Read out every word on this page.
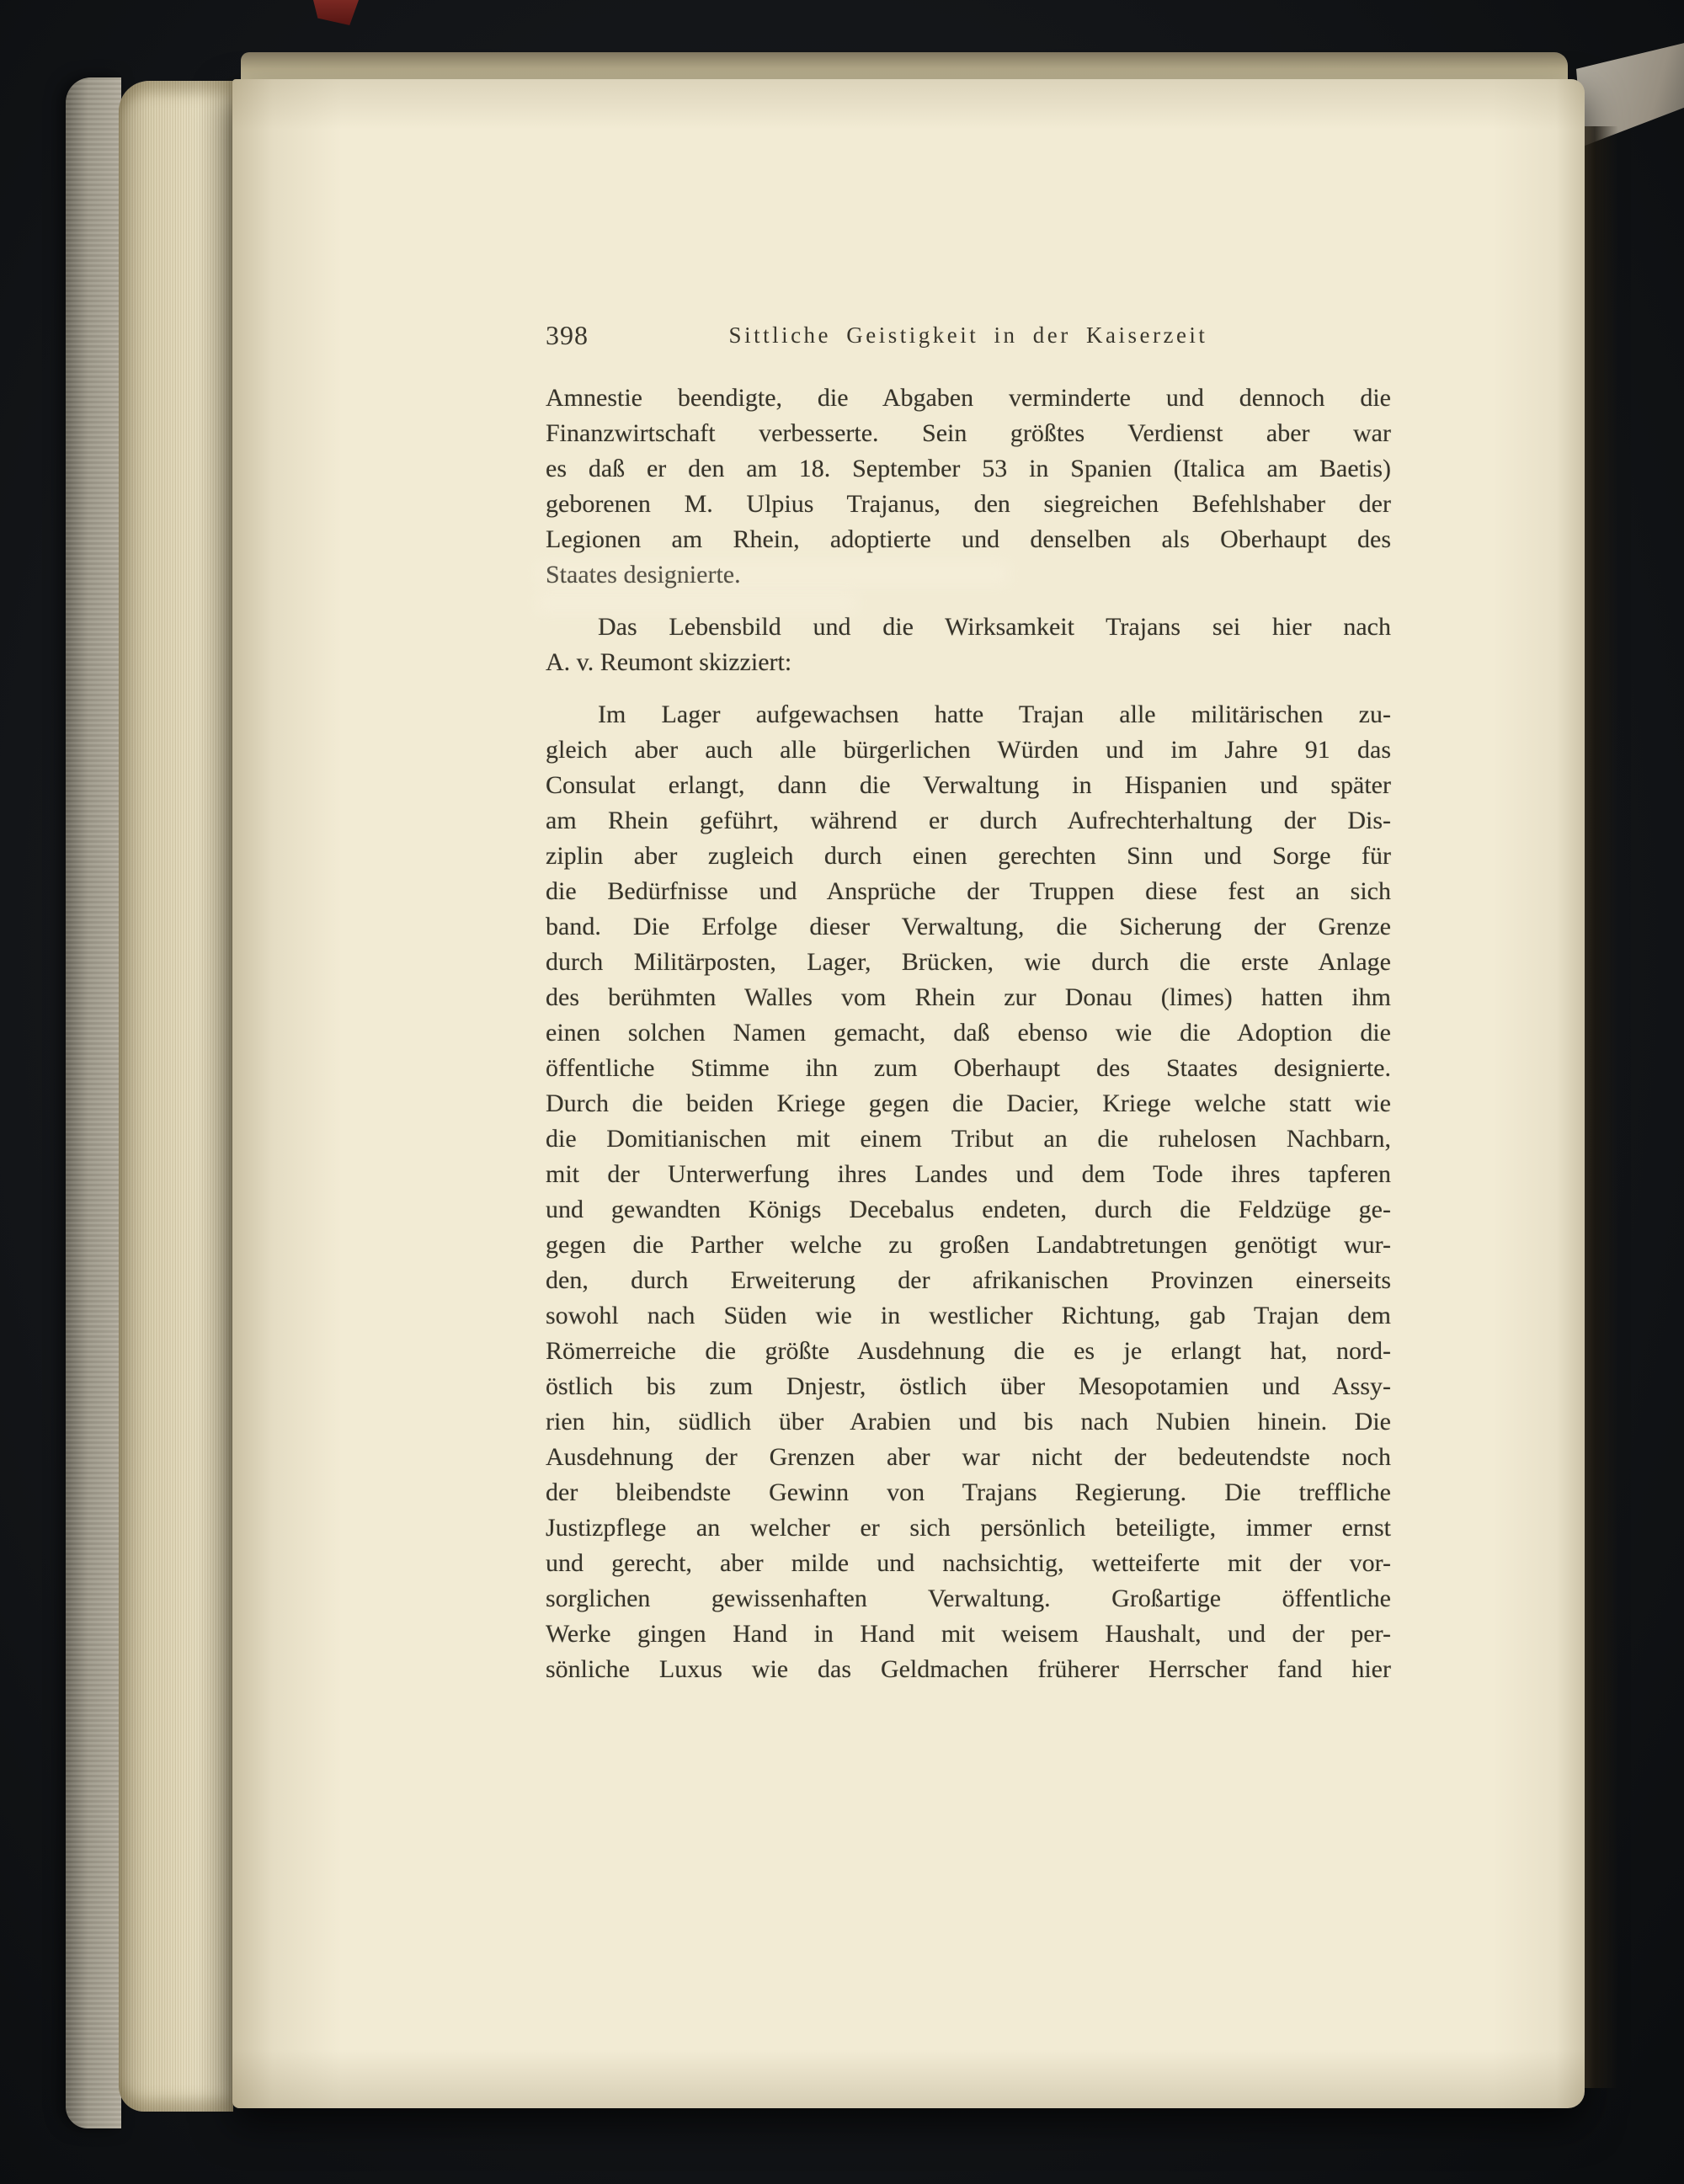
398	Sittliche Geistigkeit in der Kaiserzeit
Amnestie beendigte, die Abgaben verminderte und dennoch die
Finanzwirtschaft verbesserte. Sein größtes Verdienst aber war
es daß er den am 18. September 53 in Spanien (Italica am Baetis)
geborenen M. Ulpius Trajanus, den siegreichen Befehlshaber der
Legionen am Rhein, adoptierte und denselben als Oberhaupt des
Staates designierte.
Das Lebensbild und die Wirksamkeit Trajans sei hier nach
A. v. Reumont skizziert:
Im Lager aufgewachsen hatte Trajan alle militärischen zu-
gleich aber auch alle bürgerlichen Würden und im Jahre 91 das
Consulat erlangt, dann die Verwaltung in Hispanien und später
am Rhein geführt, während er durch Aufrechterhaltung der Dis-
ziplin aber zugleich durch einen gerechten Sinn und Sorge für
die Bedürfnisse und Ansprüche der Truppen diese fest an sich
band. Die Erfolge dieser Verwaltung, die Sicherung der Grenze
durch Militärposten, Lager, Brücken, wie durch die erste Anlage
des berühmten Walles vom Rhein zur Donau (limes) hatten ihm
einen solchen Namen gemacht, daß ebenso wie die Adoption die
öffentliche Stimme ihn zum Oberhaupt des Staates designierte.
Durch die beiden Kriege gegen die Dacier, Kriege welche statt wie
die Domitianischen mit einem Tribut an die ruhelosen Nachbarn,
mit der Unterwerfung ihres Landes und dem Tode ihres tapferen
und gewandten Königs Decebalus endeten, durch die Feldzüge ge-
gegen die Parther welche zu großen Landabtretungen genötigt wur-
den, durch Erweiterung der afrikanischen Provinzen einerseits
sowohl nach Süden wie in westlicher Richtung, gab Trajan dem
Römerreiche die größte Ausdehnung die es je erlangt hat, nord-
östlich bis zum Dnjestr, östlich über Mesopotamien und Assy-
rien hin, südlich über Arabien und bis nach Nubien hinein. Die
Ausdehnung der Grenzen aber war nicht der bedeutendste noch
der bleibendste Gewinn von Trajans Regierung. Die treffliche
Justizpflege an welcher er sich persönlich beteiligte, immer ernst
und gerecht, aber milde und nachsichtig, wetteiferte mit der vor-
sorglichen gewissenhaften Verwaltung. Großartige öffentliche
Werke gingen Hand in Hand mit weisem Haushalt, und der per-
sönliche Luxus wie das Geldmachen früherer Herrscher fand hier
